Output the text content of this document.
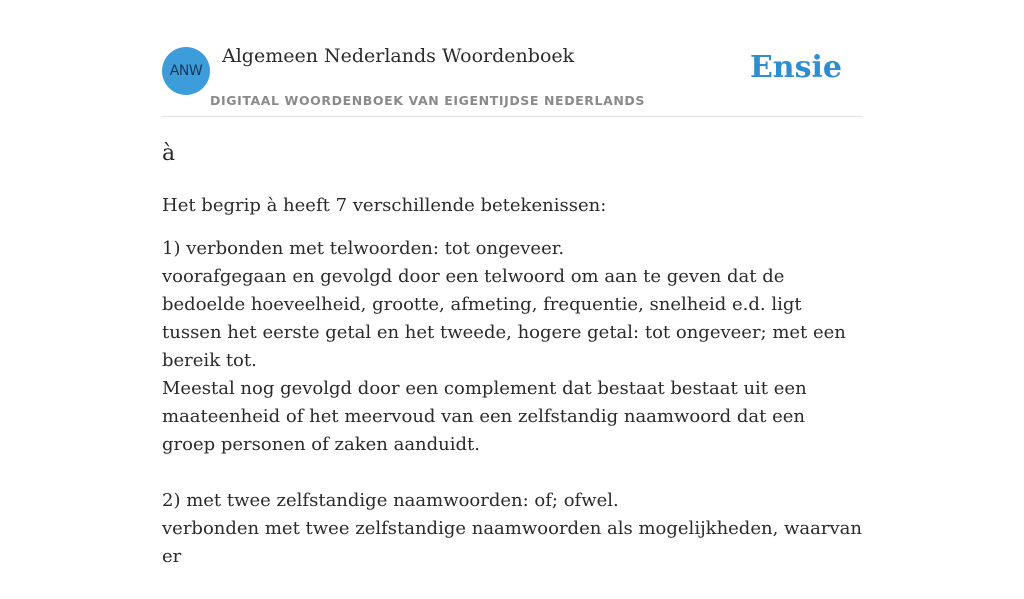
ANW
Algemeen Nederlands Woordenboek
DIGITAAL WOORDENBOEK VAN EIGENTIJDSE NEDERLANDS
Ensie
à

Het begrip à heeft 7 verschillende betekenissen:

1) verbonden met telwoorden: tot ongeveer.
voorafgegaan en gevolgd door een telwoord om aan te geven dat de bedoelde hoeveelheid, grootte, afmeting, frequentie, snelheid e.d. ligt tussen het eerste getal en het tweede, hogere getal: tot ongeveer; met een bereik tot.
Meestal nog gevolgd door een complement dat bestaat bestaat uit een maateenheid of het meervoud van een zelfstandig naamwoord dat een groep personen of zaken aanduidt.
2) met twee zelfstandige naamwoorden: of; ofwel.
verbonden met twee zelfstandige naamwoorden als mogelijkheden, waarvan er
